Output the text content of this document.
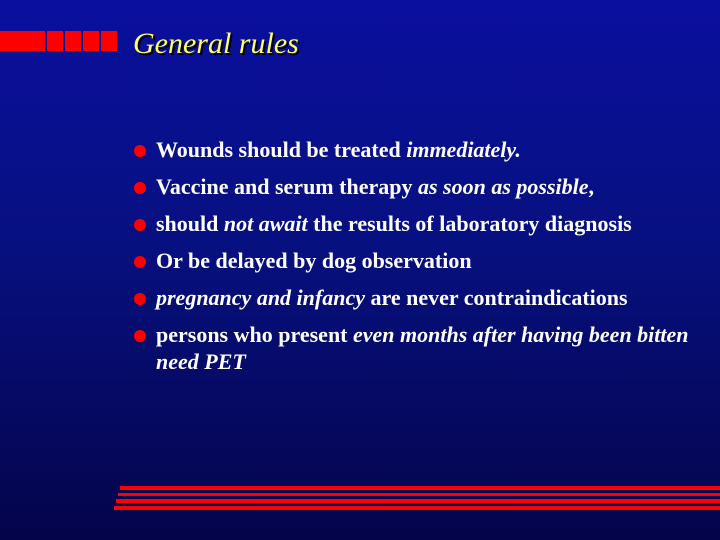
General rules
Wounds should be treated immediately.
Vaccine and serum therapy as soon as possible,
should not await the results of laboratory diagnosis
Or be delayed by dog observation
pregnancy and infancy are never contraindications
persons who present even months after having been bitten need PET
